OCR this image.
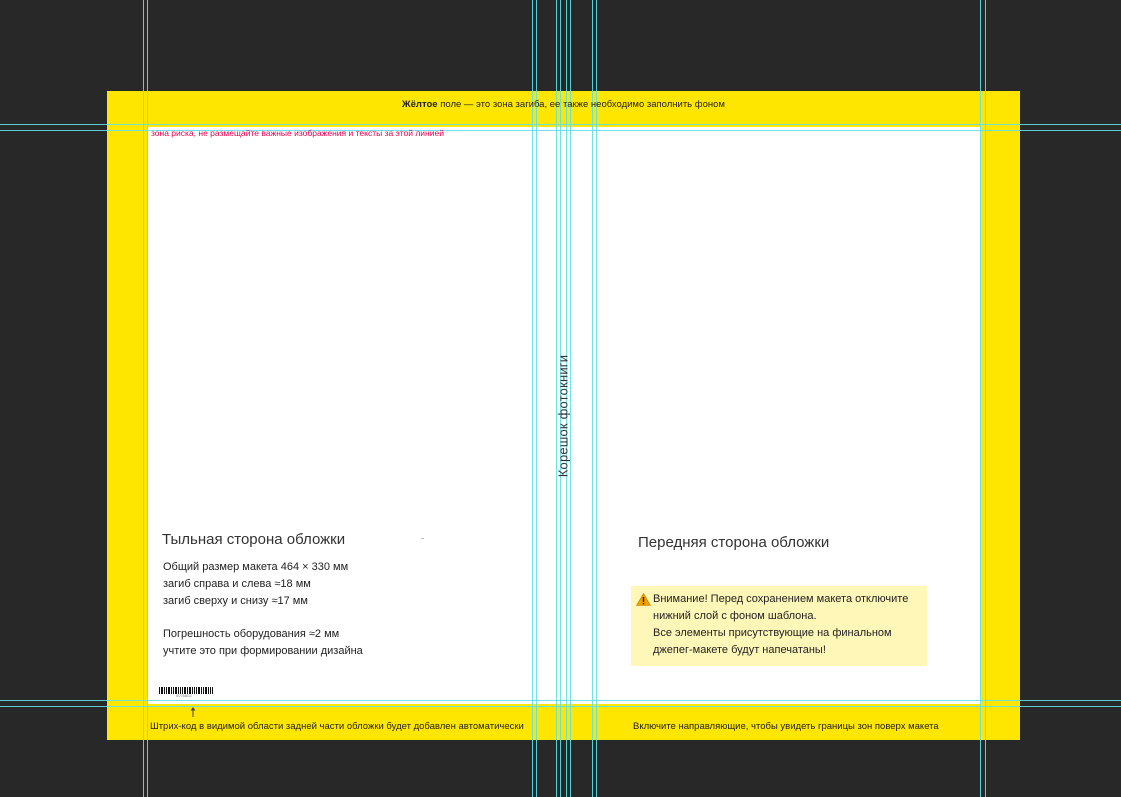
Жёлтое поле — это зона загиба, ее также необходимо заполнить фоном
зона риска, не размещайте важные изображения и тексты за этой линией
Корешок фотокниги
Тыльная сторона обложки
Общий размер макета 464 × 330 мм
загиб справа и слева ≈18 мм
загиб сверху и снизу ≈17 мм
Погрешность оборудования ≈2 мм
учтите это при формировании дизайна
Передняя сторона обложки
Внимание! Перед сохранением макета отключите
нижний слой с фоном шаблона.
Все элементы присутствующие на финальном
джепег-макете будут напечатаны!
0076802
Штрих-код в видимой области задней части обложки будет добавлен автоматически	Включите направляющие, чтобы увидеть границы зон поверх макета
